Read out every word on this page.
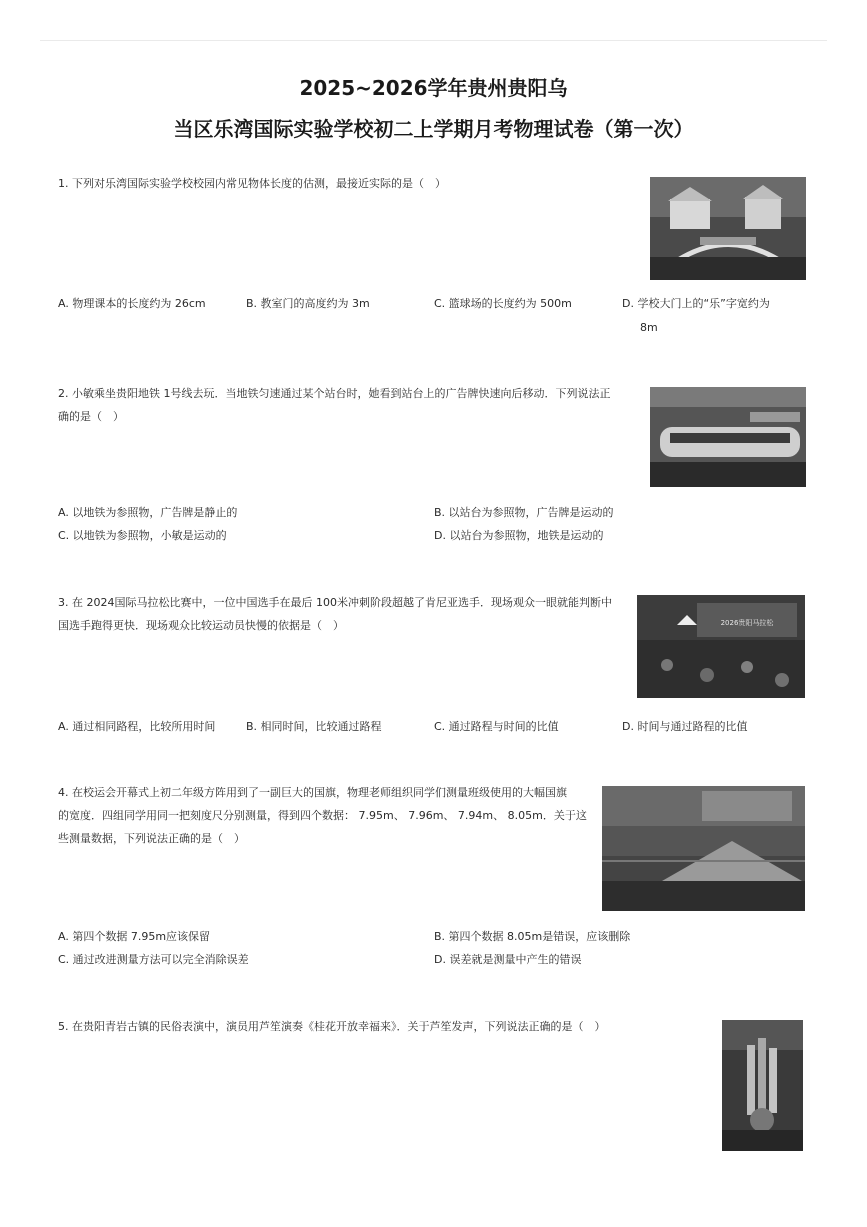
2025~2026学年贵州贵阳乌
当区乐湾国际实验学校初二上学期月考物理试卷（第一次）
1. 下列对乐湾国际实验学校校园内常见物体长度的估测，最接近实际的是（　）
A. 物理课本的长度约为 26cm	B. 教室门的高度约为 3m	C. 篮球场的长度约为 500m	D. 学校大门上的“乐”字宽约为
8m
2. 小敏乘坐贵阳地铁 1号线去玩．当地铁匀速通过某个站台时，她看到站台上的广告牌快速向后移动．下列说法正
确的是（　）
A. 以地铁为参照物，广告牌是静止的	B. 以站台为参照物，广告牌是运动的
C. 以地铁为参照物，小敏是运动的	D. 以站台为参照物，地铁是运动的
3. 在 2024国际马拉松比赛中，一位中国选手在最后 100米冲刺阶段超越了肯尼亚选手．现场观众一眼就能判断中
国选手跑得更快．现场观众比较运动员快慢的依据是（　）	2026贵阳马拉松
A. 通过相同路程，比较所用时间	B. 相同时间，比较通过路程	C. 通过路程与时间的比值	D. 时间与通过路程的比值
4. 在校运会开幕式上初二年级方阵用到了一副巨大的国旗，物理老师组织同学们测量班级使用的大幅国旗
的宽度．四组同学用同一把刻度尺分别测量，得到四个数据： 7.95m、 7.96m、 7.94m、 8.05m．关于这
些测量数据，下列说法正确的是（　）
A. 第四个数据 7.95m应该保留	B. 第四个数据 8.05m是错误，应该删除
C. 通过改进测量方法可以完全消除误差	D. 误差就是测量中产生的错误
5. 在贵阳青岩古镇的民俗表演中，演员用芦笙演奏《桂花开放幸福来》．关于芦笙发声，下列说法正确的是（　）
